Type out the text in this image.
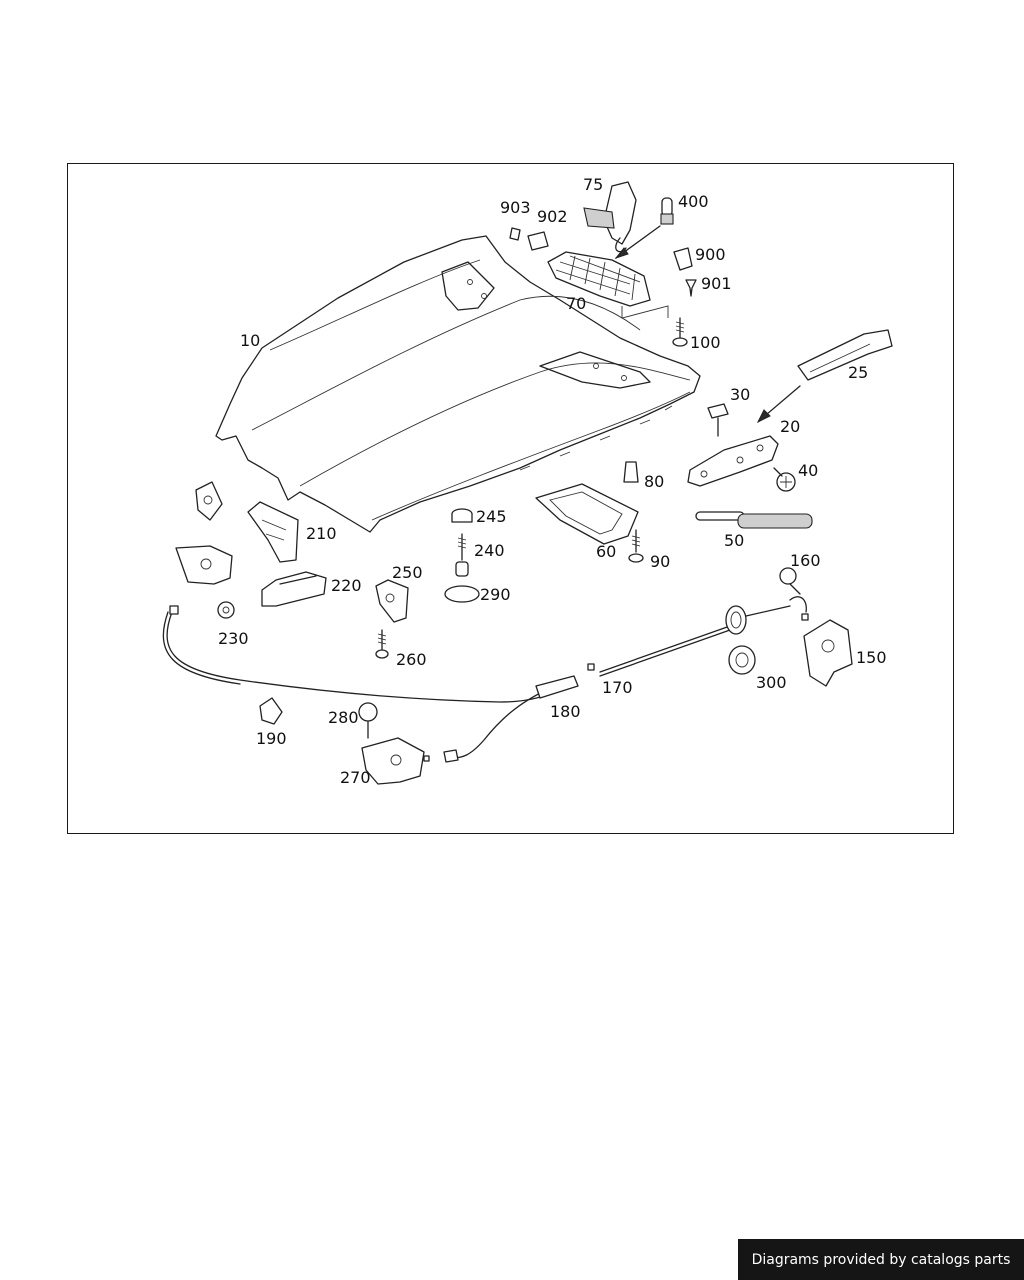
10
20
25
30
40
50
60
70
75
80
90
100
150
160
170
180
190
210
220
230
240
245
250
260
270
280
290
300
400
900
901
902
903
Diagrams provided by catalogs parts
